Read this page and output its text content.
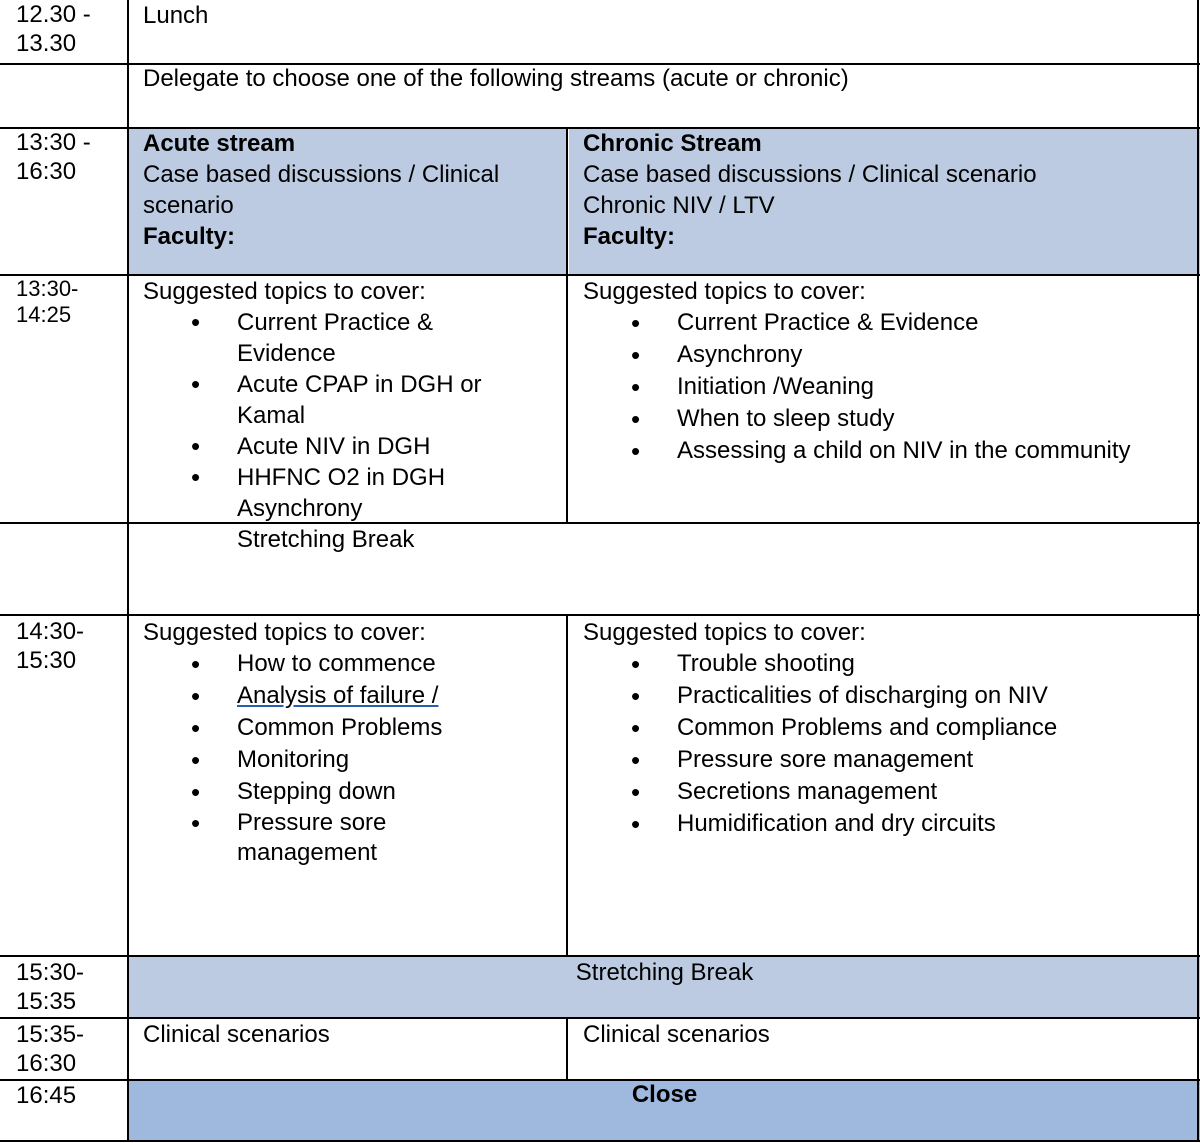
12.30 -
13.30
Lunch
Delegate to choose one of the following streams (acute or chronic)
13:30 -
16:30
Acute stream
Case based discussions / Clinical
scenario
Faculty:
Chronic Stream
Case based discussions / Clinical scenario
Chronic NIV / LTV
Faculty:
13:30-
14:25
Suggested topics to cover:
• Current Practice &
Evidence
• Acute CPAP in DGH or
Kamal
• Acute NIV in DGH
• HHFNC O2 in DGH
Asynchrony
Suggested topics to cover:
• Current Practice & Evidence
• Asynchrony
• Initiation /Weaning
• When to sleep study
• Assessing a child on NIV in the community
Stretching Break
14:30-
15:30
Suggested topics to cover:
• How to commence
• Analysis of failure /
• Common Problems
• Monitoring
• Stepping down
• Pressure sore
management
Suggested topics to cover:
• Trouble shooting
• Practicalities of discharging on NIV
• Common Problems and compliance
• Pressure sore management
• Secretions management
• Humidification and dry circuits
15:30-
15:35
Stretching Break
15:35-
16:30
Clinical scenarios	Clinical scenarios
16:45	Close
